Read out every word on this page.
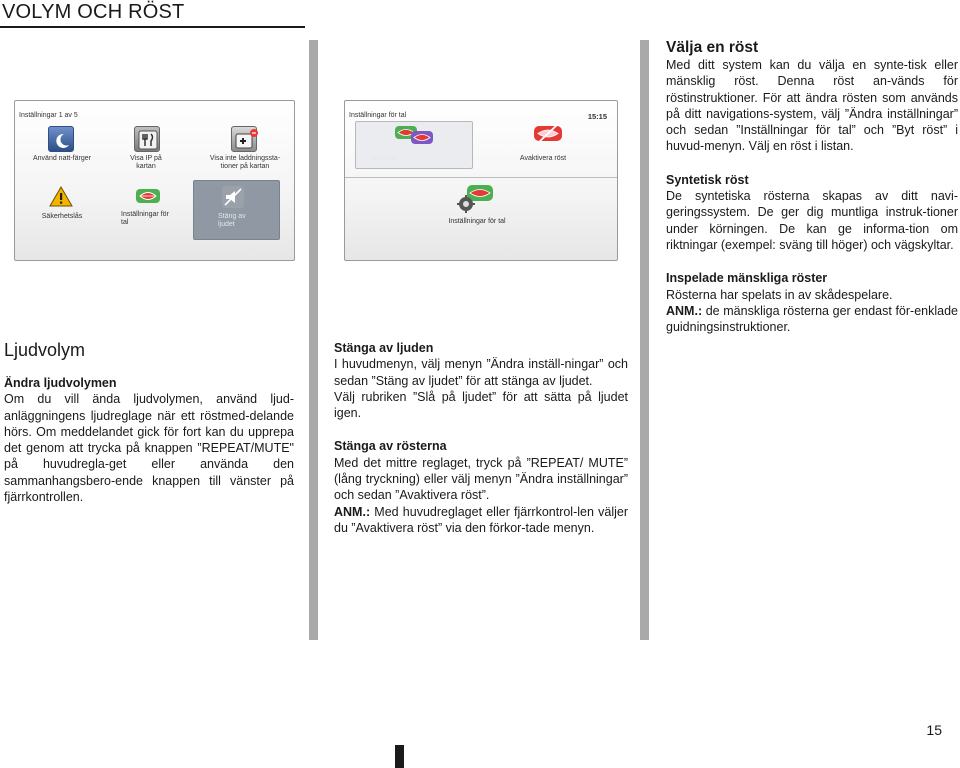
VOLYM OCH RÖST
Inställningar 1 av 5
Använd natt-färger	Visa IP på kartan
Visa inte laddningssta-tioner på kartan
Säkerhetslås	Inställningar för tal
Stäng av ljudet
Inställningar för tal	15:15
Byt röst	Avaktivera röst
Inställningar för tal

Ljudvolym

Ändra ljudvolymen

Om du vill ända ljudvolymen, använd ljud-anläggningens ljudreglage när ett röstmed-delande hörs. Om meddelandet gick för fort kan du upprepa det genom att trycka på knappen ”REPEAT/MUTE" på huvudregla-get eller använda den sammanhangsbero-ende knappen till vänster på fjärrkontrollen.

Stänga av ljuden

I huvudmenyn, välj menyn ”Ändra inställ-ningar” och sedan ”Stäng av ljudet” för att stänga av ljudet.

Välj rubriken ”Slå på ljudet” för att sätta på ljudet igen.

Stänga av rösterna

Med det mittre reglaget, tryck på ”REPEAT/ MUTE” (lång tryckning) eller välj menyn ”Ändra inställningar” och sedan ”Avaktivera röst”.

ANM.: Med huvudreglaget eller fjärrkontrol-len väljer du ”Avaktivera röst” via den förkor-tade menyn.

Välja en röst

Med ditt system kan du välja en synte-tisk eller mänsklig röst. Denna röst an-vänds för röstinstruktioner. För att ändra rösten som används på ditt navigations-system, välj ”Ändra inställningar” och sedan ”Inställningar för tal” och ”Byt röst” i huvud-menyn. Välj en röst i listan.

Syntetisk röst

De syntetiska rösterna skapas av ditt navi-geringssystem. De ger dig muntliga instruk-tioner under körningen. De kan ge informa-tion om riktningar (exempel: sväng till höger) och vägskyltar.

Inspelade mänskliga röster

Rösterna har spelats in av skådespelare.

ANM.: de mänskliga rösterna ger endast för-enklade guidningsinstruktioner.

15
